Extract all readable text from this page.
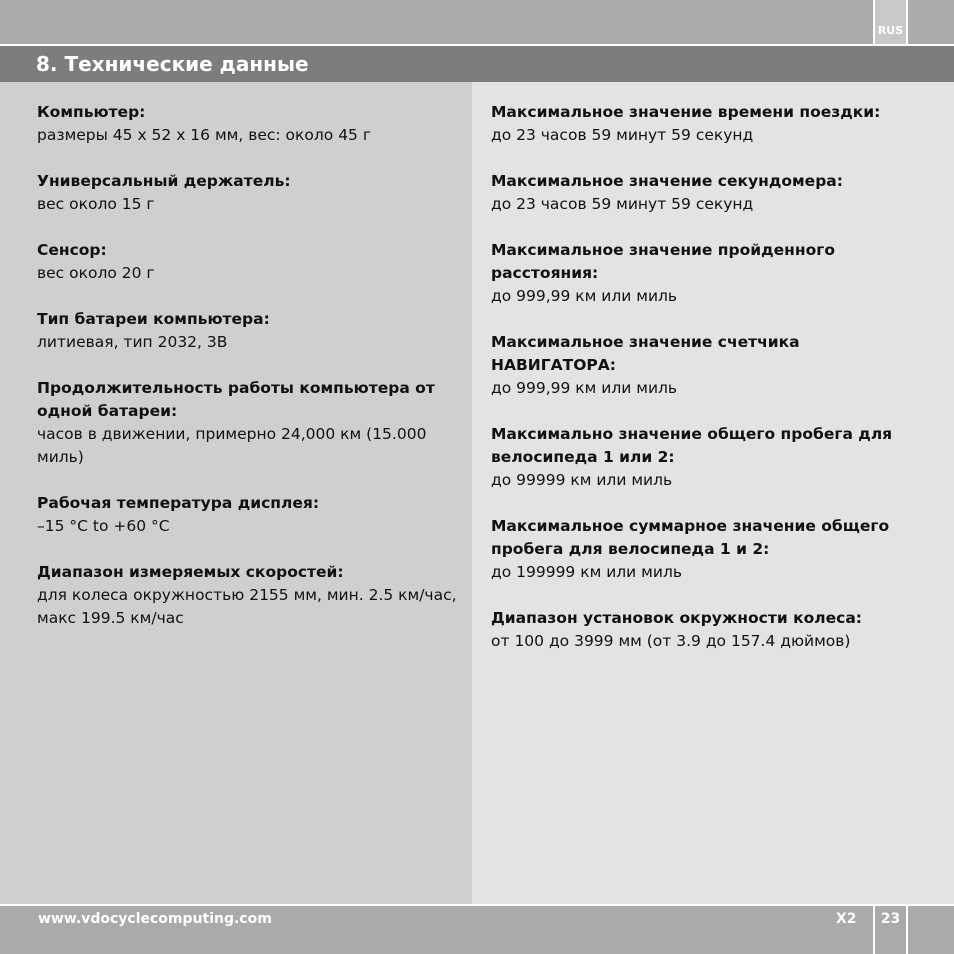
RUS
8. Технические данные
Компьютер:
размеры 45 x 52 x 16 мм, вес: около 45 г
Универсальный держатель:
вес около 15 г
Сенсор:
вес около 20 г
Тип батареи компьютера:
литиевая, тип 2032, 3В
Продолжительность работы компьютера от одной батареи:
часов в движении, примерно 24,000 км (15.000 миль)
Рабочая температура дисплея:
–15 °C to +60 °C
Диапазон измеряемых скоростей:
для колеса окружностью 2155 мм, мин. 2.5 км/час, макс 199.5 км/час
Максимальное значение времени поездки:
до 23 часов 59 минут 59 секунд
Максимальное значение секундомера:
до 23 часов 59 минут 59 секунд
Максимальное значение пройденного расстояния:
до 999,99 км или миль
Максимальное значение счетчика НАВИГАТОРА:
до 999,99 км или миль
Максимально значение общего пробега для велосипеда 1 или 2:
до 99999 км или миль
Максимальное суммарное значение общего пробега для велосипеда 1 и 2:
до 199999 км или миль
Диапазон установок окружности колеса:
от 100 до 3999 мм (от 3.9 до 157.4 дюймов)
www.vdocyclecomputing.com	X2	23
